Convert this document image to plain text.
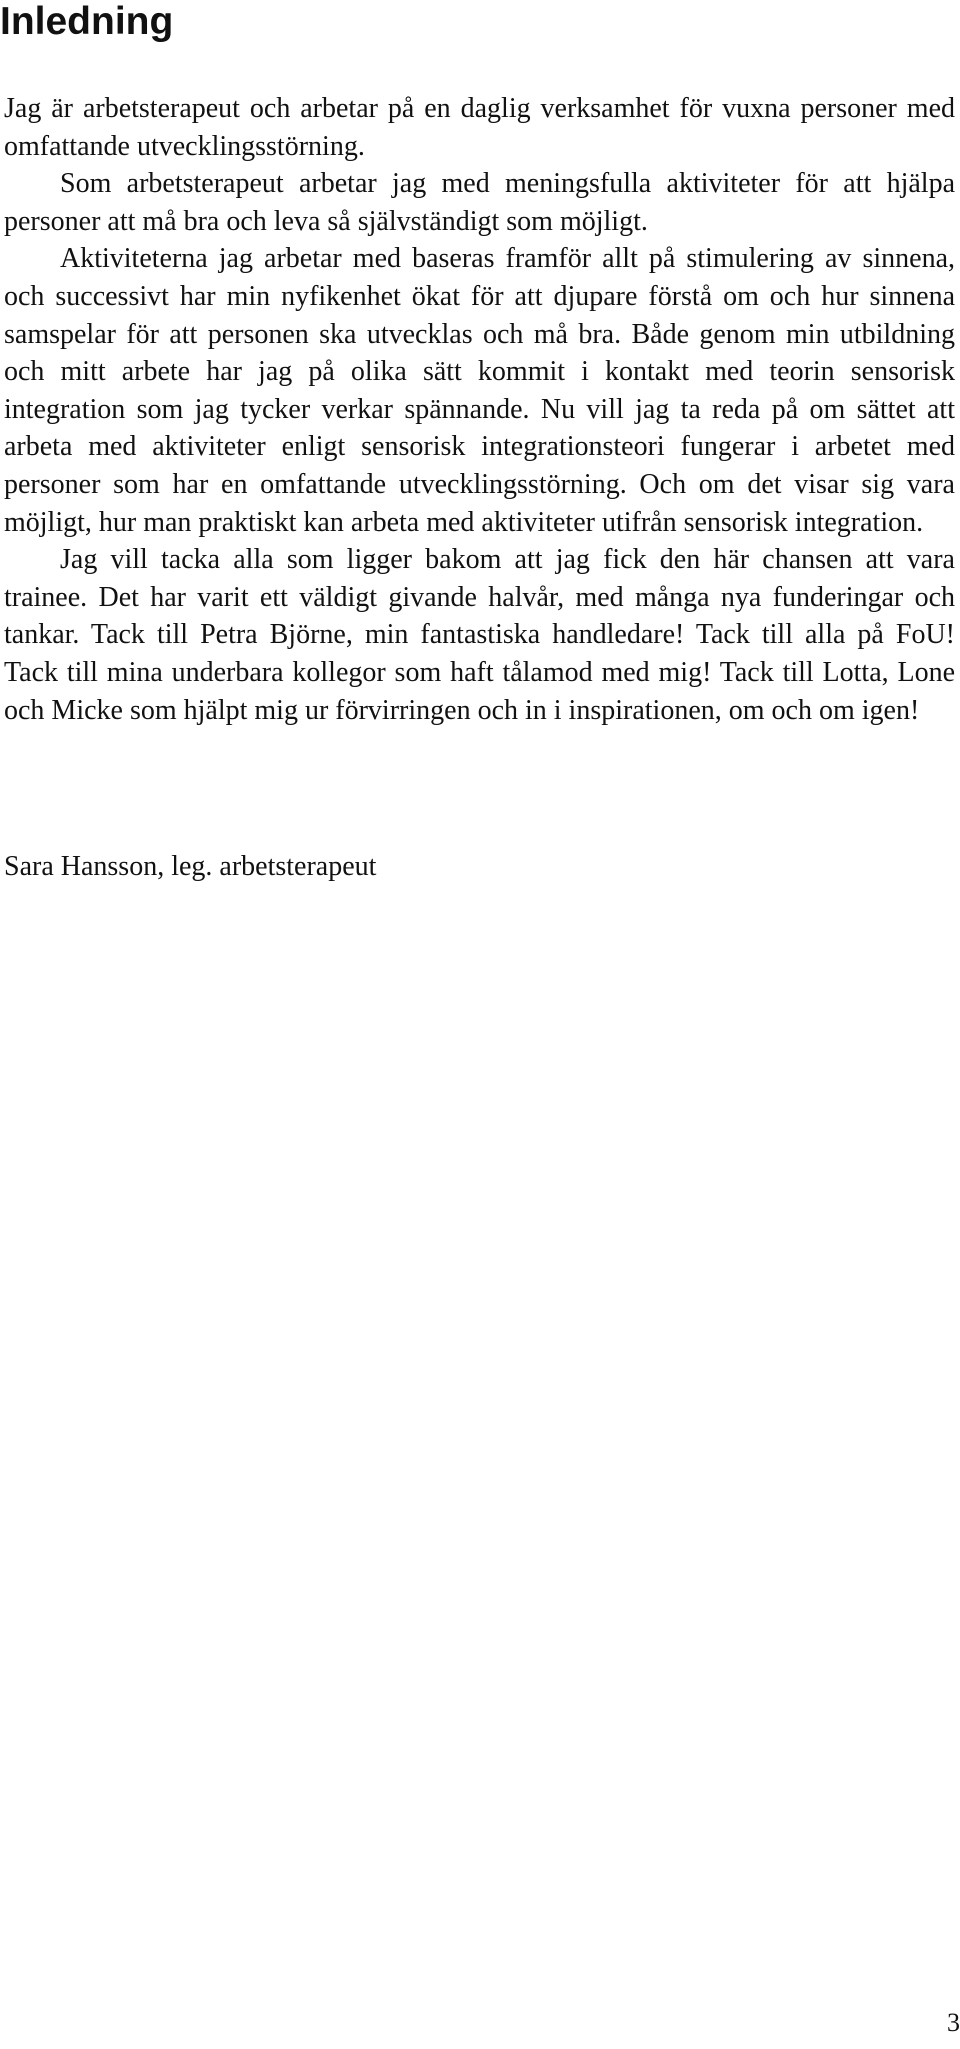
Inledning

Jag är arbetsterapeut och arbetar på en daglig verksamhet för vuxna personer med omfattande utvecklingsstörning.

Som arbetsterapeut arbetar jag med meningsfulla aktiviteter för att hjälpa personer att må bra och leva så självständigt som möjligt.

Aktiviteterna jag arbetar med baseras framför allt på stimulering av sinnena, och successivt har min nyfikenhet ökat för att djupare förstå om och hur sinnena samspelar för att personen ska utvecklas och må bra. Både genom min utbildning och mitt arbete har jag på olika sätt kommit i kontakt med teorin sensorisk integration som jag tycker verkar spännande. Nu vill jag ta reda på om sättet att arbeta med aktiviteter enligt sensorisk integrationsteori fungerar i arbetet med personer som har en omfattande utvecklingsstörning. Och om det visar sig vara möjligt, hur man praktiskt kan arbeta med aktiviteter utifrån sensorisk integration.

Jag vill tacka alla som ligger bakom att jag fick den här chansen att vara trainee. Det har varit ett väldigt givande halvår, med många nya funderingar och tankar. Tack till Petra Björne, min fantastiska handledare! Tack till alla på FoU! Tack till mina underbara kollegor som haft tålamod med mig! Tack till Lotta, Lone och Micke som hjälpt mig ur förvirringen och in i inspirationen, om och om igen!

Sara Hansson, leg. arbetsterapeut

3
